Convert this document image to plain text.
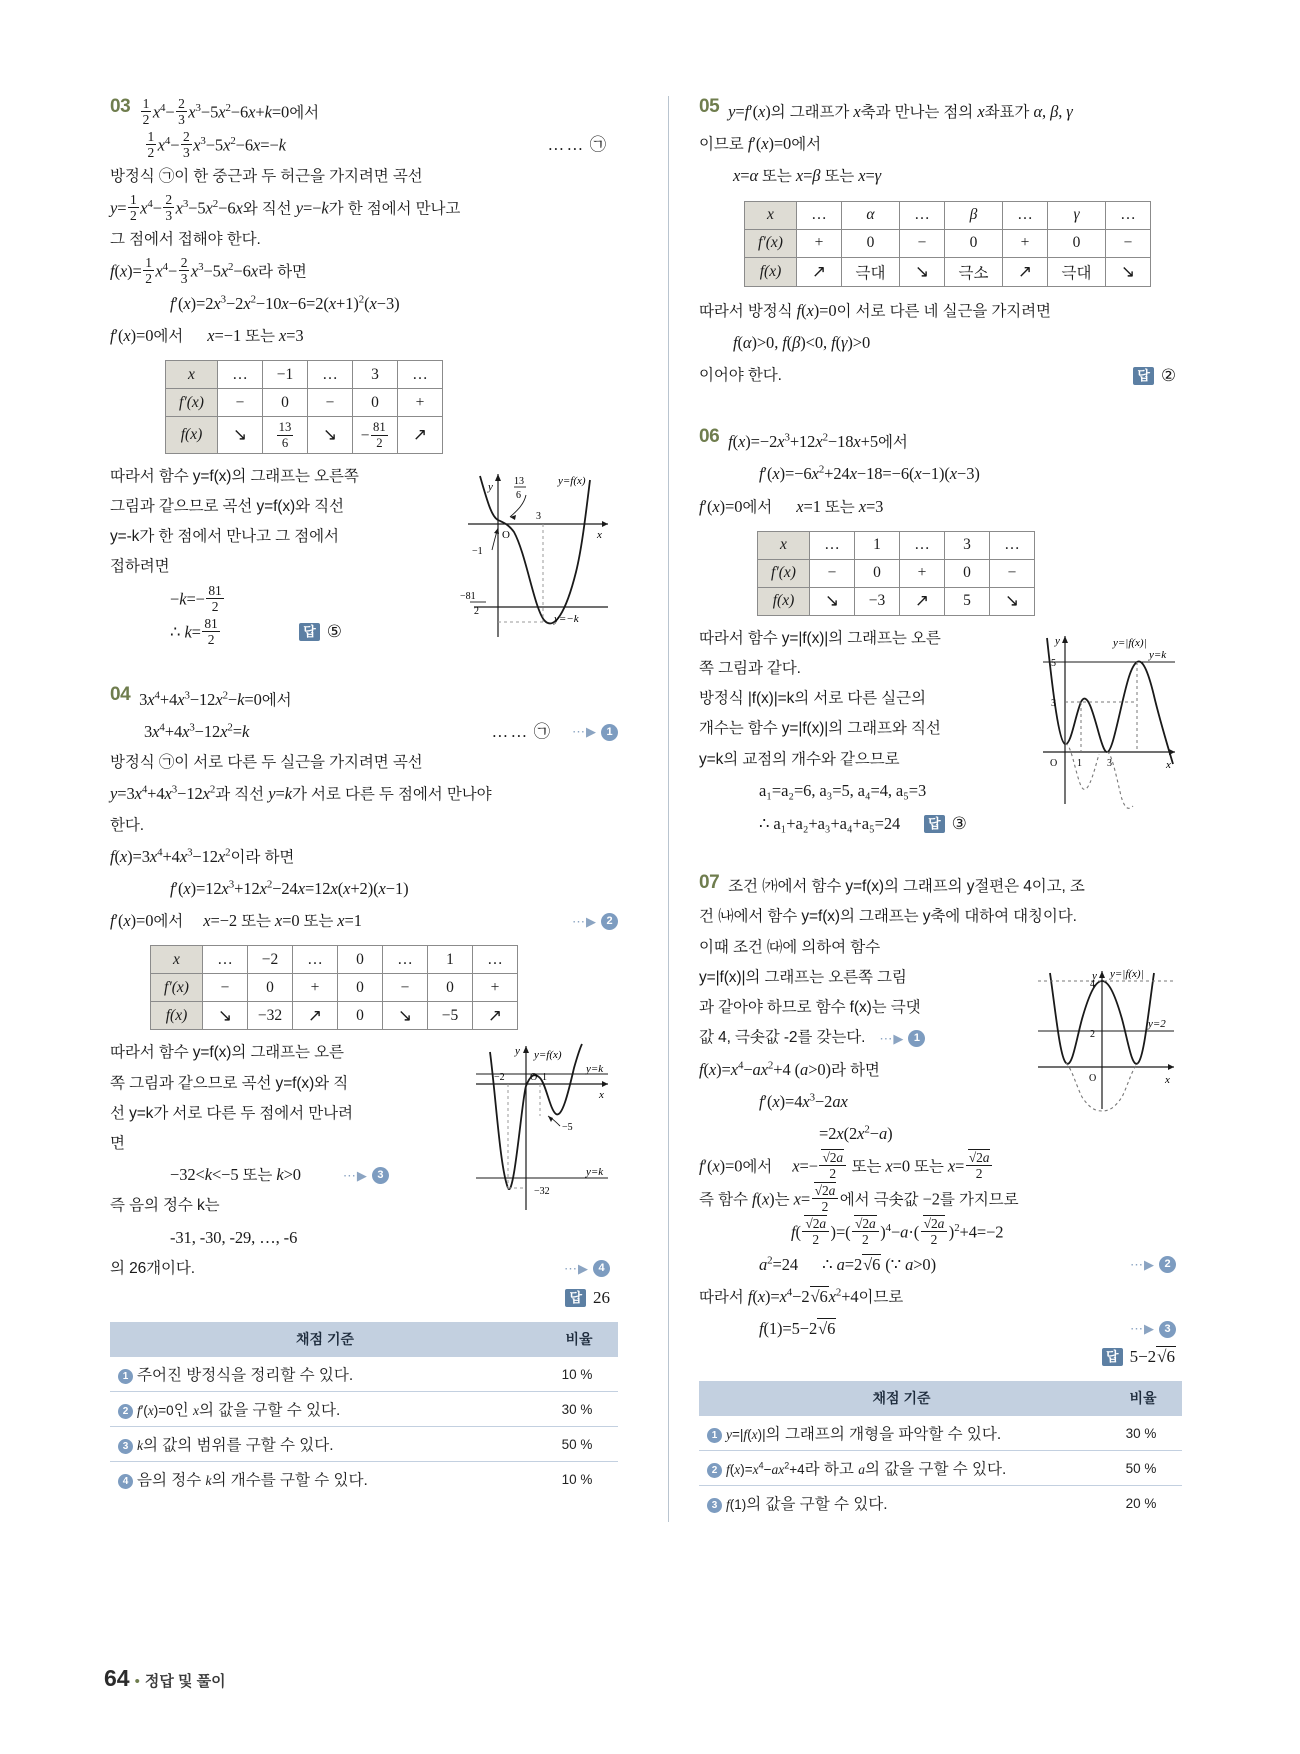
$03 \frac{1}{2} x^4- \frac{2}{3} x^3-5x^2-6x+k=0$에서
$\frac{1}{2} x^4- \frac{2}{3} x^3-5x^2-6x=-k$	…… ㉠
방정식 ㉠이 한 중근과 두 허근을 가지려면 곡선
$y= \frac{1}{2} x^4- \frac{2}{3} x^3-5x^2-6x$와 직선 y=−k가 한 점에서 만나고
그 점에서 접해야 한다.
$f(x)= \frac{1}{2} x^4- \frac{2}{3} x^3-5x^2-6x$라 하면
$f'(x)=2x^3-2x^2-10x-6=2(x+1)^2(x-3)$
f′(x)=0에서 x=−1 또는 x=3
x	…	−1	…	3	…
f′(x)	−	0	−	0	+
f(x)	↘	$\frac{13}{6}$	↘	− $\frac{81}{2}$	↗
y
x
O
3
−1
13
6
−81
2
y=f(x)
y=−k
따라서 함수 y=f(x)의 그래프는 오른쪽
그림과 같으므로 곡선 y=f(x)와 직선
y=-k가 한 점에서 만나고 그 점에서
접하려면
$-k=- \frac{81}{2}$
∴ $k= \frac{81}{2}$	답 ⑤
04 $3x^4+4x^3-12x^2-k=0$에서
$3x^4+4x^3-12x^2=k$	…… ㉠ ⋯▶ 1
방정식 ㉠이 서로 다른 두 실근을 가지려면 곡선
$y=3x^4+4x^3-12x^2$과 직선 y=k가 서로 다른 두 점에서 만나야
한다.
$f(x)=3x^4+4x^3-12x^2$이라 하면
$f'(x)=12x^3+12x^2-24x=12x(x+2)(x-1)$
f′(x)=0에서 x=−2 또는 x=0 또는 x=1	⋯▶ 2
x	…	−2	…	0	…	1	…
f′(x)	−	0	+	0	−	0	+
f(x)	↘	−32	↗	0	↘	−5	↗
y
x
O
−2	1
−5
−32
y=f(x)
y=k
y=k
따라서 함수 y=f(x)의 그래프는 오른
쪽 그림과 같으므로 곡선 y=f(x)와 직
선 y=k가 서로 다른 두 점에서 만나려
면
−32<k<−5 또는 k>0	⋯▶ 3
즉 음의 정수 k는
-31, -30, -29, …, -6
의 26개이다.	⋯▶ 4
답 26
채점 기준	비율
1 주어진 방정식을 정리할 수 있다.	10 %
2 f′(x)=0인 x의 값을 구할 수 있다.	30 %
3 k의 값의 범위를 구할 수 있다.	50 %
4 음의 정수 k의 개수를 구할 수 있다.	10 %
05 y=f′(x)의 그래프가 x축과 만나는 점의 x좌표가 α, β, γ
이므로 f′(x)=0에서
x=α 또는 x=β 또는 x=γ
x	…	α	…	β	…	γ	…
f′(x)	+	0	−	0	+	0	−
f(x)	↗	극대	↘	극소	↗	극대	↘
따라서 방정식 f(x)=0이 서로 다른 네 실근을 가지려면
f(α)>0, f(β)<0, f(γ)>0
이어야 한다.	답 ②
06 $f(x)=-2x^3+12x^2-18x+5$에서
$f'(x)=-6x^2+24x-18=-6(x-1)(x-3)$
f′(x)=0에서 x=1 또는 x=3
x	…	1	…	3	…
f′(x)	−	0	+	0	−
f(x)	↘	−3	↗	5	↘
y
x
O
5
3
1	3
y=|f(x)|
y=k
따라서 함수 y=|f(x)|의 그래프는 오른
쪽 그림과 같다.
방정식 |f(x)|=k의 서로 다른 실근의
개수는 함수 y=|f(x)|의 그래프와 직선
y=k의 교점의 개수와 같으므로
a₁=a₂=6, a₃=5, a₄=4, a₅=3
∴ a₁+a₂+a₃+a₄+a₅=24	답 ③
07 조건 ㈎에서 함수 y=f(x)의 그래프의 y절편은 4이고, 조
건 ㈏에서 함수 y=f(x)의 그래프는 y축에 대하여 대칭이다.
이때 조건 ㈐에 의하여 함수
y
x
O
4
2
y=|f(x)|
y=2
y=|f(x)|의 그래프는 오른쪽 그림
과 같아야 하므로 함수 f(x)는 극댓
값 4, 극솟값 -2를 갖는다. ⋯▶ 1
$f(x)=x^4-ax^2+4$ (a>0)라 하면
$f'(x)=4x^3-2ax$
$=2x(2x^2-a)$
f′(x)=0에서 $x=- \frac{√2a}{2}$ 또는 x=0 또는 $x= \frac{√2a}{2}$
즉 함수 f(x)는 $x= \frac{√2a}{2}$ 에서 극솟값 −2를 가지므로
$f( \frac{√2a}{2}$ )=( $\frac{√2a}{2} )^4-a\cdot( \frac{√2a}{2} )^2+4=-2$
$a^2=24$      ∴ a=2√6 (∵ a>0)	⋯▶ 2
따라서 $f(x)=x^4-2√6x^2+4$이므로
f(1)=5−2√6	⋯▶ 3
답 5−2√6
채점 기준	비율
1 y=|f(x)|의 그래프의 개형을 파악할 수 있다.	30 %
2 $f(x)=x^4-ax^2+4$라 하고 a의 값을 구할 수 있다.	50 %
3 f(1)의 값을 구할 수 있다.	20 %
64 • 정답 및 풀이
